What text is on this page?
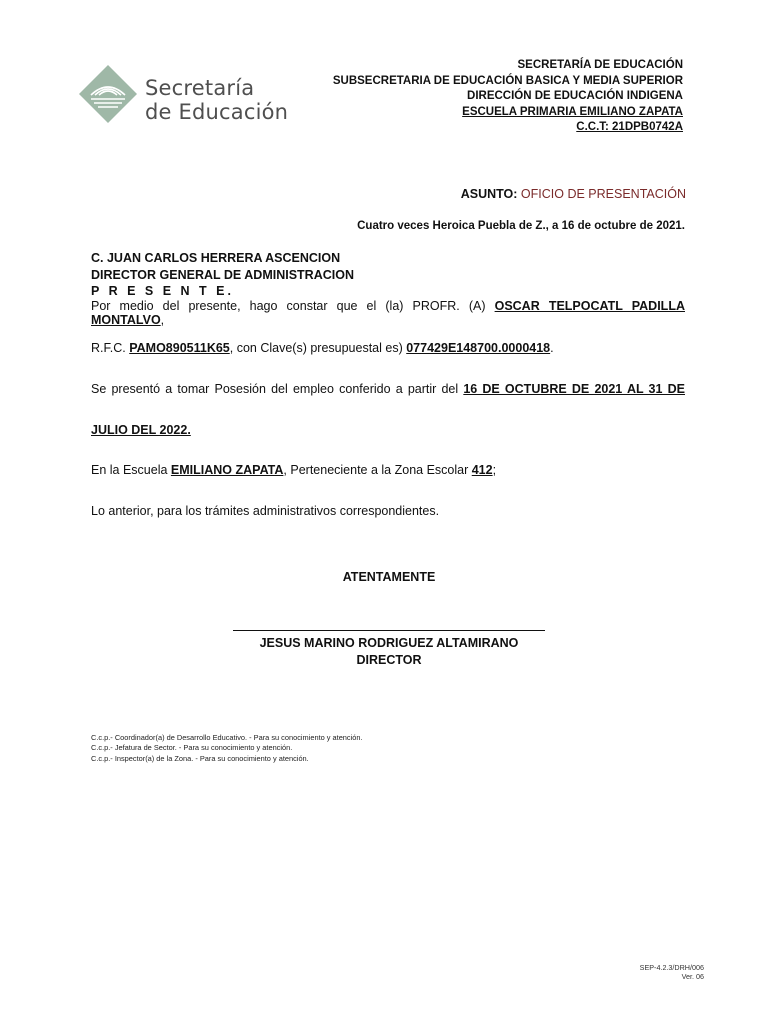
Secretaría
de Educación
SECRETARÍA DE EDUCACIÓN
SUBSECRETARIA DE EDUCACIÓN BASICA Y MEDIA SUPERIOR
DIRECCIÓN DE EDUCACIÓN INDIGENA
ESCUELA PRIMARIA EMILIANO ZAPATA
C.C.T: 21DPB0742A
ASUNTO: OFICIO DE PRESENTACIÓN
Cuatro veces Heroica Puebla de Z., a 16 de octubre de 2021.
C. JUAN CARLOS HERRERA ASCENCION
DIRECTOR GENERAL DE ADMINISTRACION
P R E S E N T E.
Por medio del presente, hago constar que el (la) PROFR. (A) OSCAR TELPOCATL PADILLA MONTALVO,
R.F.C. PAMO890511K65, con Clave(s) presupuestal es) 077429E148700.0000418.
Se presentó a tomar Posesión del empleo conferido a partir del 16 DE OCTUBRE DE 2021 AL 31 DE
JULIO DEL 2022.
En la Escuela EMILIANO ZAPATA, Perteneciente a la Zona Escolar 412;
Lo anterior, para los trámites administrativos correspondientes.
ATENTAMENTE
JESUS MARINO RODRIGUEZ ALTAMIRANO
DIRECTOR
C.c.p.- Coordinador(a) de Desarrollo Educativo. - Para su conocimiento y atención.
C.c.p.- Jefatura de Sector. - Para su conocimiento y atención.
C.c.p.- Inspector(a) de la Zona. - Para su conocimiento y atención.
SEP-4.2.3/DRH/006
Ver. 06
